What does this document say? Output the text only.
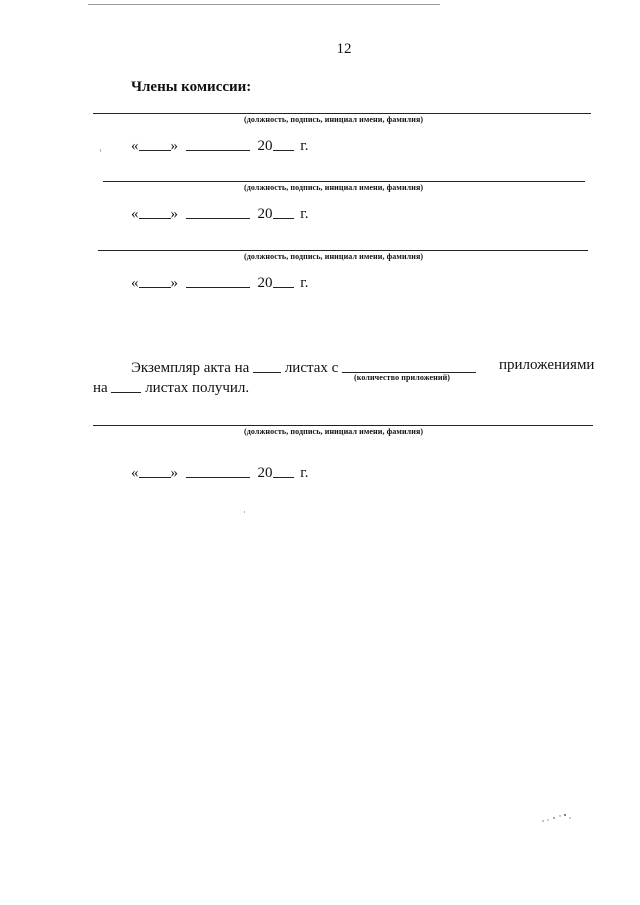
12
Члены комиссии:
(должность, подпись, инициал имени, фамилия)
« »	20 г.
(должность, подпись, инициал имени, фамилия)
« »	20 г.
(должность, подпись, инициал имени, фамилия)
« »	20 г.
Экземпляр акта на листах с	приложениями
(количество приложений)
на	листах получил.
(должность, подпись, инициал имени, фамилия)
« »	20 г.
